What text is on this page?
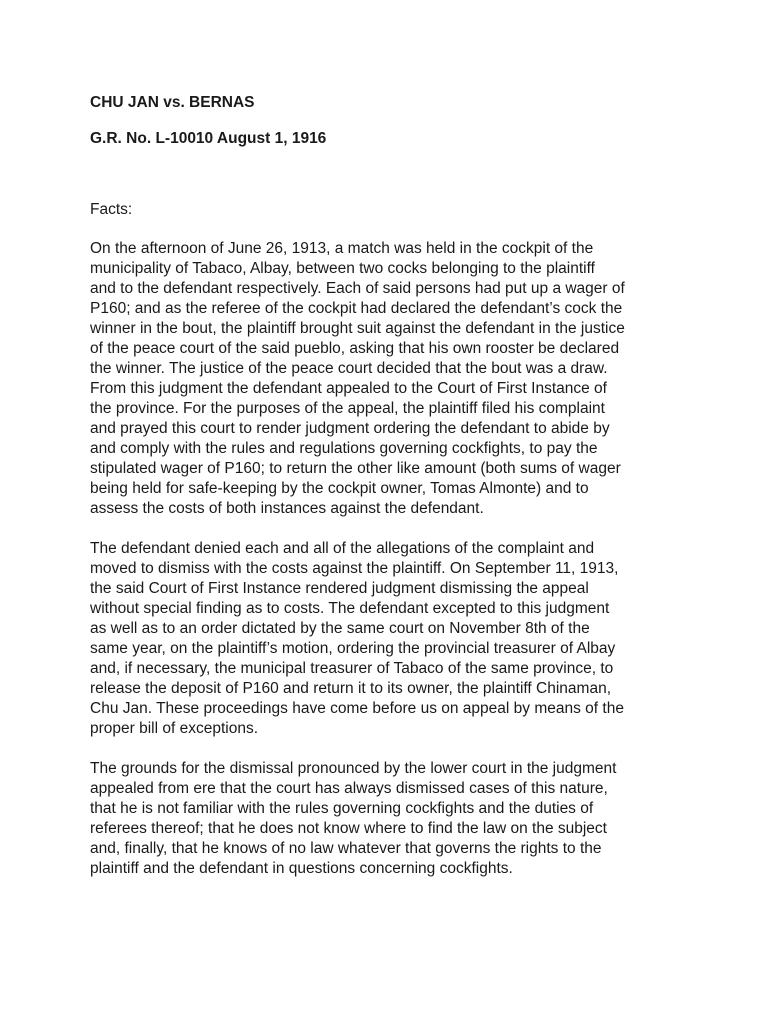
CHU JAN vs. BERNAS

G.R. No. L-10010 August 1, 1916

Facts:

On the afternoon of June 26, 1913, a match was held in the cockpit of the
municipality of Tabaco, Albay, between two cocks belonging to the plaintiff
and to the defendant respectively. Each of said persons had put up a wager of
P160; and as the referee of the cockpit had declared the defendant’s cock the
winner in the bout, the plaintiff brought suit against the defendant in the justice
of the peace court of the said pueblo, asking that his own rooster be declared
the winner. The justice of the peace court decided that the bout was a draw.
From this judgment the defendant appealed to the Court of First Instance of
the province. For the purposes of the appeal, the plaintiff filed his complaint
and prayed this court to render judgment ordering the defendant to abide by
and comply with the rules and regulations governing cockfights, to pay the
stipulated wager of P160; to return the other like amount (both sums of wager
being held for safe-keeping by the cockpit owner, Tomas Almonte) and to
assess the costs of both instances against the defendant.

The defendant denied each and all of the allegations of the complaint and
moved to dismiss with the costs against the plaintiff. On September 11, 1913,
the said Court of First Instance rendered judgment dismissing the appeal
without special finding as to costs. The defendant excepted to this judgment
as well as to an order dictated by the same court on November 8th of the
same year, on the plaintiff’s motion, ordering the provincial treasurer of Albay
and, if necessary, the municipal treasurer of Tabaco of the same province, to
release the deposit of P160 and return it to its owner, the plaintiff Chinaman,
Chu Jan. These proceedings have come before us on appeal by means of the
proper bill of exceptions.

The grounds for the dismissal pronounced by the lower court in the judgment
appealed from ere that the court has always dismissed cases of this nature,
that he is not familiar with the rules governing cockfights and the duties of
referees thereof; that he does not know where to find the law on the subject
and, finally, that he knows of no law whatever that governs the rights to the
plaintiff and the defendant in questions concerning cockfights.
